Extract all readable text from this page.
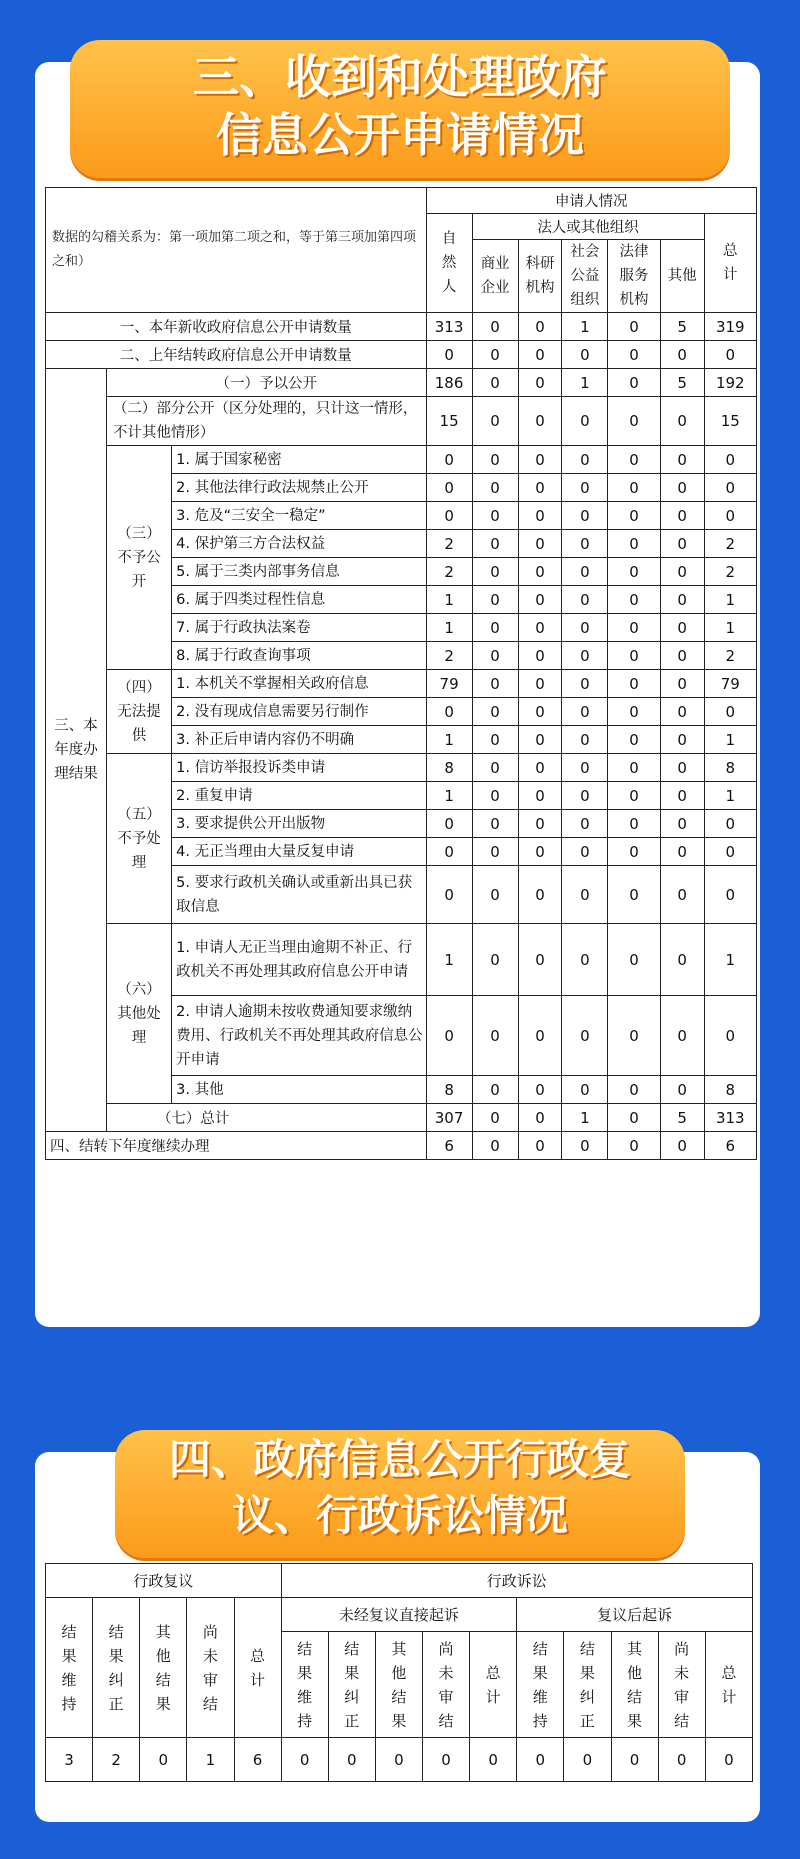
三、收到和处理政府
信息公开申请情况
数据的勾稽关系为：第一项加第二项之和，等于第三项加第四项之和）			申请人情况						
			自然人	法人或其他组织					总计
				商业企业	科研机构	社会公益组织	法律服务机构	其他	
一、本年新收政府信息公开申请数量			313	0	0	1	0	5	319
二、上年结转政府信息公开申请数量			0	0	0	0	0	0	0
三、本年度办理结果	（一）予以公开		186	0	0	1	0	5	192
	（二）部分公开（区分处理的，只计这一情形，不计其他情形）		15	0	0	0	0	0	15
	（三）不予公开	1. 属于国家秘密	0	0	0	0	0	0	0
		2. 其他法律行政法规禁止公开	0	0	0	0	0	0	0
		3. 危及“三安全一稳定”	0	0	0	0	0	0	0
		4. 保护第三方合法权益	2	0	0	0	0	0	2
		5. 属于三类内部事务信息	2	0	0	0	0	0	2
		6. 属于四类过程性信息	1	0	0	0	0	0	1
		7. 属于行政执法案卷	1	0	0	0	0	0	1
		8. 属于行政查询事项	2	0	0	0	0	0	2
	（四）无法提供	1. 本机关不掌握相关政府信息	79	0	0	0	0	0	79
		2. 没有现成信息需要另行制作	0	0	0	0	0	0	0
		3. 补正后申请内容仍不明确	1	0	0	0	0	0	1
	（五）不予处理	1. 信访举报投诉类申请	8	0	0	0	0	0	8
		2. 重复申请	1	0	0	0	0	0	1
		3. 要求提供公开出版物	0	0	0	0	0	0	0
		4. 无正当理由大量反复申请	0	0	0	0	0	0	0
		5. 要求行政机关确认或重新出具已获取信息	0	0	0	0	0	0	0
	（六）其他处理	1. 申请人无正当理由逾期不补正、行政机关不再处理其政府信息公开申请	1	0	0	0	0	0	1
		2. 申请人逾期未按收费通知要求缴纳费用、行政机关不再处理其政府信息公开申请	0	0	0	0	0	0	0
		3. 其他	8	0	0	0	0	0	8
	（七）总计		307	0	0	1	0	5	313
四、结转下年度继续办理			6	0	0	0	0	0	6
四、政府信息公开行政复
议、行政诉讼情况
行政复议					行政诉讼									
结果维持	结果纠正	其他结果	尚未审结	总计	未经复议直接起诉					复议后起诉				
					结果维持	结果纠正	其他结果	尚未审结	总计	结果维持	结果纠正	其他结果	尚未审结	总计
3	2	0	1	6	0	0	0	0	0	0	0	0	0	0
